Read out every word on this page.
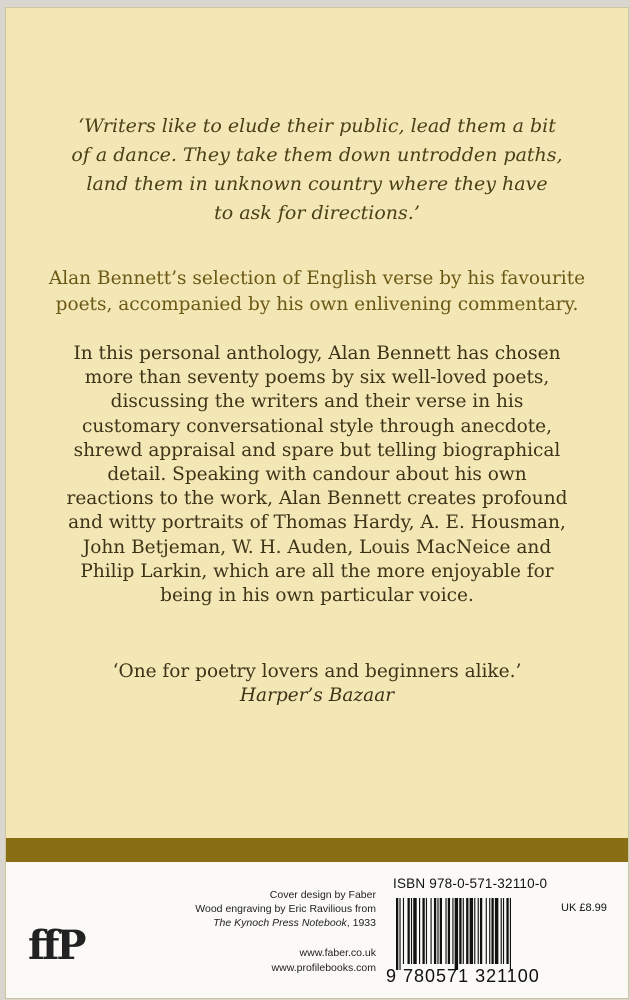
‘Writers like to elude their public, lead them a bit
of a dance. They take them down untrodden paths,
land them in unknown country where they have
to ask for directions.’
Alan Bennett’s selection of English verse by his favourite
poets, accompanied by his own enlivening commentary.
In this personal anthology, Alan Bennett has chosen
more than seventy poems by six well-loved poets,
discussing the writers and their verse in his
customary conversational style through anecdote,
shrewd appraisal and spare but telling biographical
detail. Speaking with candour about his own
reactions to the work, Alan Bennett creates profound
and witty portraits of Thomas Hardy, A. E. Housman,
John Betjeman, W. H. Auden, Louis MacNeice and
Philip Larkin, which are all the more enjoyable for
being in his own particular voice.
‘One for poetry lovers and beginners alike.’
Harper’s Bazaar
ffP
Cover design by Faber
Wood engraving by Eric Ravilious from
The Kynoch Press Notebook, 1933
www.faber.co.uk
www.profilebooks.com
ISBN 978-0-571-32110-0
UK £8.99
9 780571 321100
